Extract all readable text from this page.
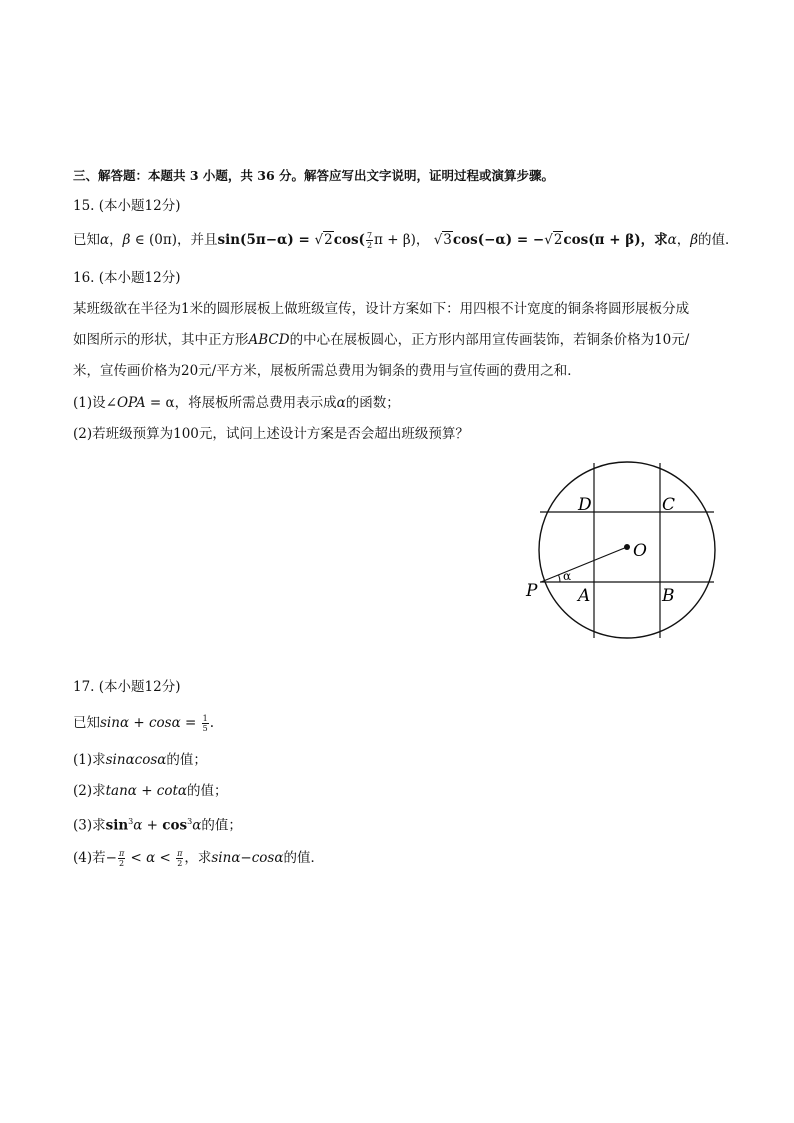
三、解答题：本题共 3 小题，共 36 分。解答应写出文字说明，证明过程或演算步骤。
15. (本小题12分)
已知α，β ∈ (0π)，并且$\sin(5\pi-\alpha) = √2\cos( \frac{7}{2}$ π + β)， √3cos(−α) = −√2cos(π + β)，求α，β的值．
16. (本小题12分)
某班级欲在半径为1米的圆形展板上做班级宣传，设计方案如下：用四根不计宽度的铜条将圆形展板分成
如图所示的形状，其中正方形ABCD的中心在展板圆心，正方形内部用宣传画装饰，若铜条价格为10元/
米，宣传画价格为20元/平方米，展板所需总费用为铜条的费用与宣传画的费用之和．
(1)设∠OPA = α，将展板所需总费用表示成α的函数；
(2)若班级预算为100元，试问上述设计方案是否会超出班级预算？
D	C
O
P A	B
α
17. (本小题12分)
已知$\sin\alpha + \cos\alpha = \frac{1}{5}$ .
(1)求sinαcosα的值；
(2)求tanα + cotα的值；
(3)求$\sin^3\alpha + \cos^3\alpha$的值；
(4)若− $\frac{\pi}{2} < \alpha < \frac{\pi}{2}$ ，求sinα−cosα的值．
